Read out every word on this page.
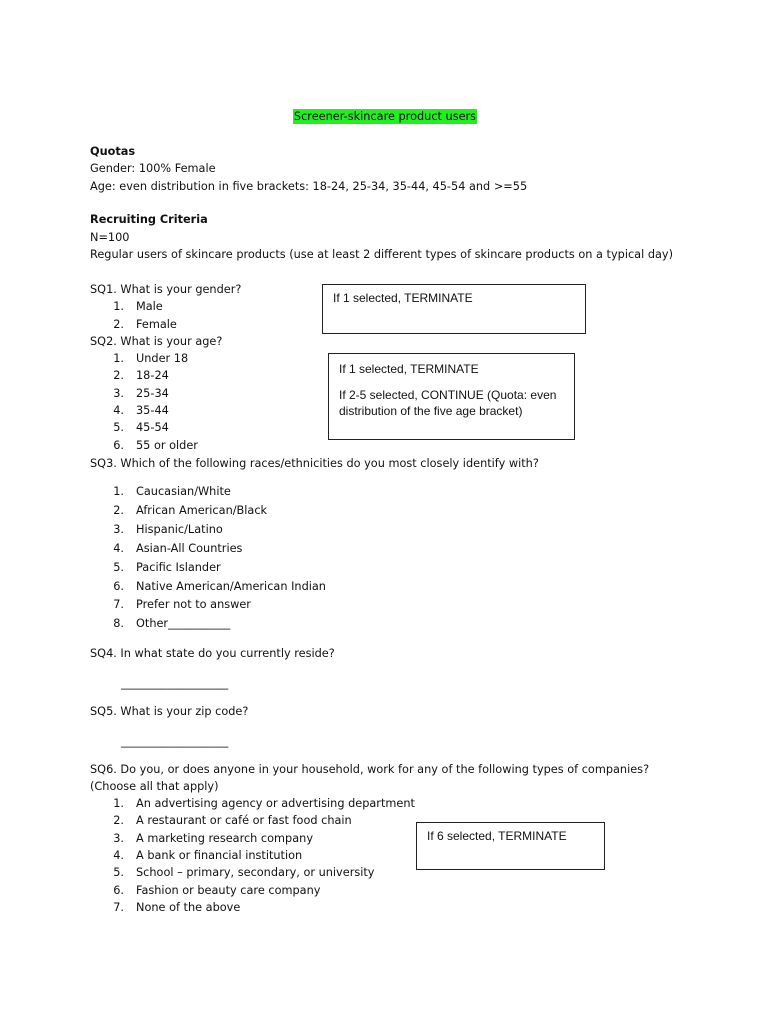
Screener-skincare product users
Quotas
Gender: 100% Female
Age: even distribution in five brackets: 18-24, 25-34, 35-44, 45-54 and >=55
Recruiting Criteria
N=100
Regular users of skincare products (use at least 2 different types of skincare products on a typical day)
SQ1. What is your gender?

If 1 selected, TERMINATE

SQ2. What is your age?

If 1 selected, TERMINATE

If 2-5 selected, CONTINUE (Quota: even distribution of the five age bracket)

SQ3. Which of the following races/ethnicities do you most closely identify with?
SQ4. In what state do you currently reside?
___________________
SQ5. What is your zip code?
___________________
SQ6. Do you, or does anyone in your household, work for any of the following types of companies?
(Choose all that apply)

If 6 selected, TERMINATE

1. Male
2. Female
1. Under 18
2. 18-24
3. 25-34
4. 35-44
5. 45-54
6. 55 or older
1. Caucasian/White
2. African American/Black
3. Hispanic/Latino
4. Asian-All Countries
5. Pacific Islander
6. Native American/American Indian
7. Prefer not to answer
8. Other___________
1. An advertising agency or advertising department
2. A restaurant or café or fast food chain
3. A marketing research company
4. A bank or financial institution
5. School – primary, secondary, or university
6. Fashion or beauty care company
7. None of the above
